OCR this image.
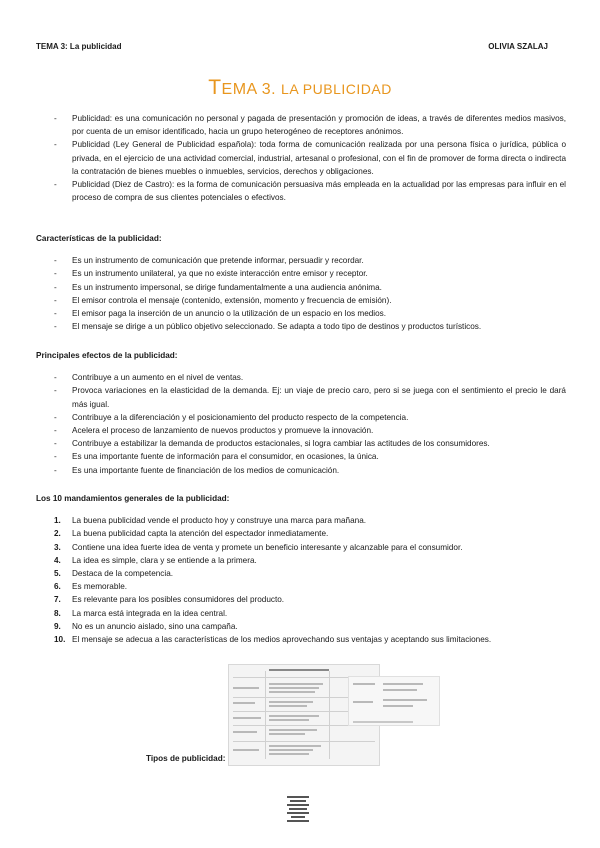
TEMA 3: La publicidad	OLIVIA SZALAJ
TEMA 3. LA PUBLICIDAD
- Publicidad: es una comunicación no personal y pagada de presentación y promoción de ideas, a través de diferentes medios masivos, por cuenta de un emisor identificado, hacia un grupo heterogéneo de receptores anónimos.
- Publicidad (Ley General de Publicidad española): toda forma de comunicación realizada por una persona física o jurídica, pública o privada, en el ejercicio de una actividad comercial, industrial, artesanal o profesional, con el fin de promover de forma directa o indirecta la contratación de bienes muebles o inmuebles, servicios, derechos y obligaciones.
- Publicidad (Diez de Castro): es la forma de comunicación persuasiva más empleada en la actualidad por las empresas para influir en el proceso de compra de sus clientes potenciales o efectivos.
Características de la publicidad:
- Es un instrumento de comunicación que pretende informar, persuadir y recordar.
- Es un instrumento unilateral, ya que no existe interacción entre emisor y receptor.
- Es un instrumento impersonal, se dirige fundamentalmente a una audiencia anónima.
- El emisor controla el mensaje (contenido, extensión, momento y frecuencia de emisión).
- El emisor paga la inserción de un anuncio o la utilización de un espacio en los medios.
- El mensaje se dirige a un público objetivo seleccionado. Se adapta a todo tipo de destinos y productos turísticos.
Principales efectos de la publicidad:
- Contribuye a un aumento en el nivel de ventas.
- Provoca variaciones en la elasticidad de la demanda. Ej: un viaje de precio caro, pero si se juega con el sentimiento el precio le dará más igual.
- Contribuye a la diferenciación y el posicionamiento del producto respecto de la competencia.
- Acelera el proceso de lanzamiento de nuevos productos y promueve la innovación.
- Contribuye a estabilizar la demanda de productos estacionales, si logra cambiar las actitudes de los consumidores.
- Es una importante fuente de información para el consumidor, en ocasiones, la única.
- Es una importante fuente de financiación de los medios de comunicación.
Los 10 mandamientos generales de la publicidad:
1. La buena publicidad vende el producto hoy y construye una marca para mañana.
2. La buena publicidad capta la atención del espectador inmediatamente.
3. Contiene una idea fuerte idea de venta y promete un beneficio interesante y alcanzable para el consumidor.
4. La idea es simple, clara y se entiende a la primera.
5. Destaca de la competencia.
6. Es memorable.
7. Es relevante para los posibles consumidores del producto.
8. La marca está integrada en la idea central.
9. No es un anuncio aislado, sino una campaña.
10. El mensaje se adecua a las características de los medios aprovechando sus ventajas y aceptando sus limitaciones.
Tipos de publicidad:
